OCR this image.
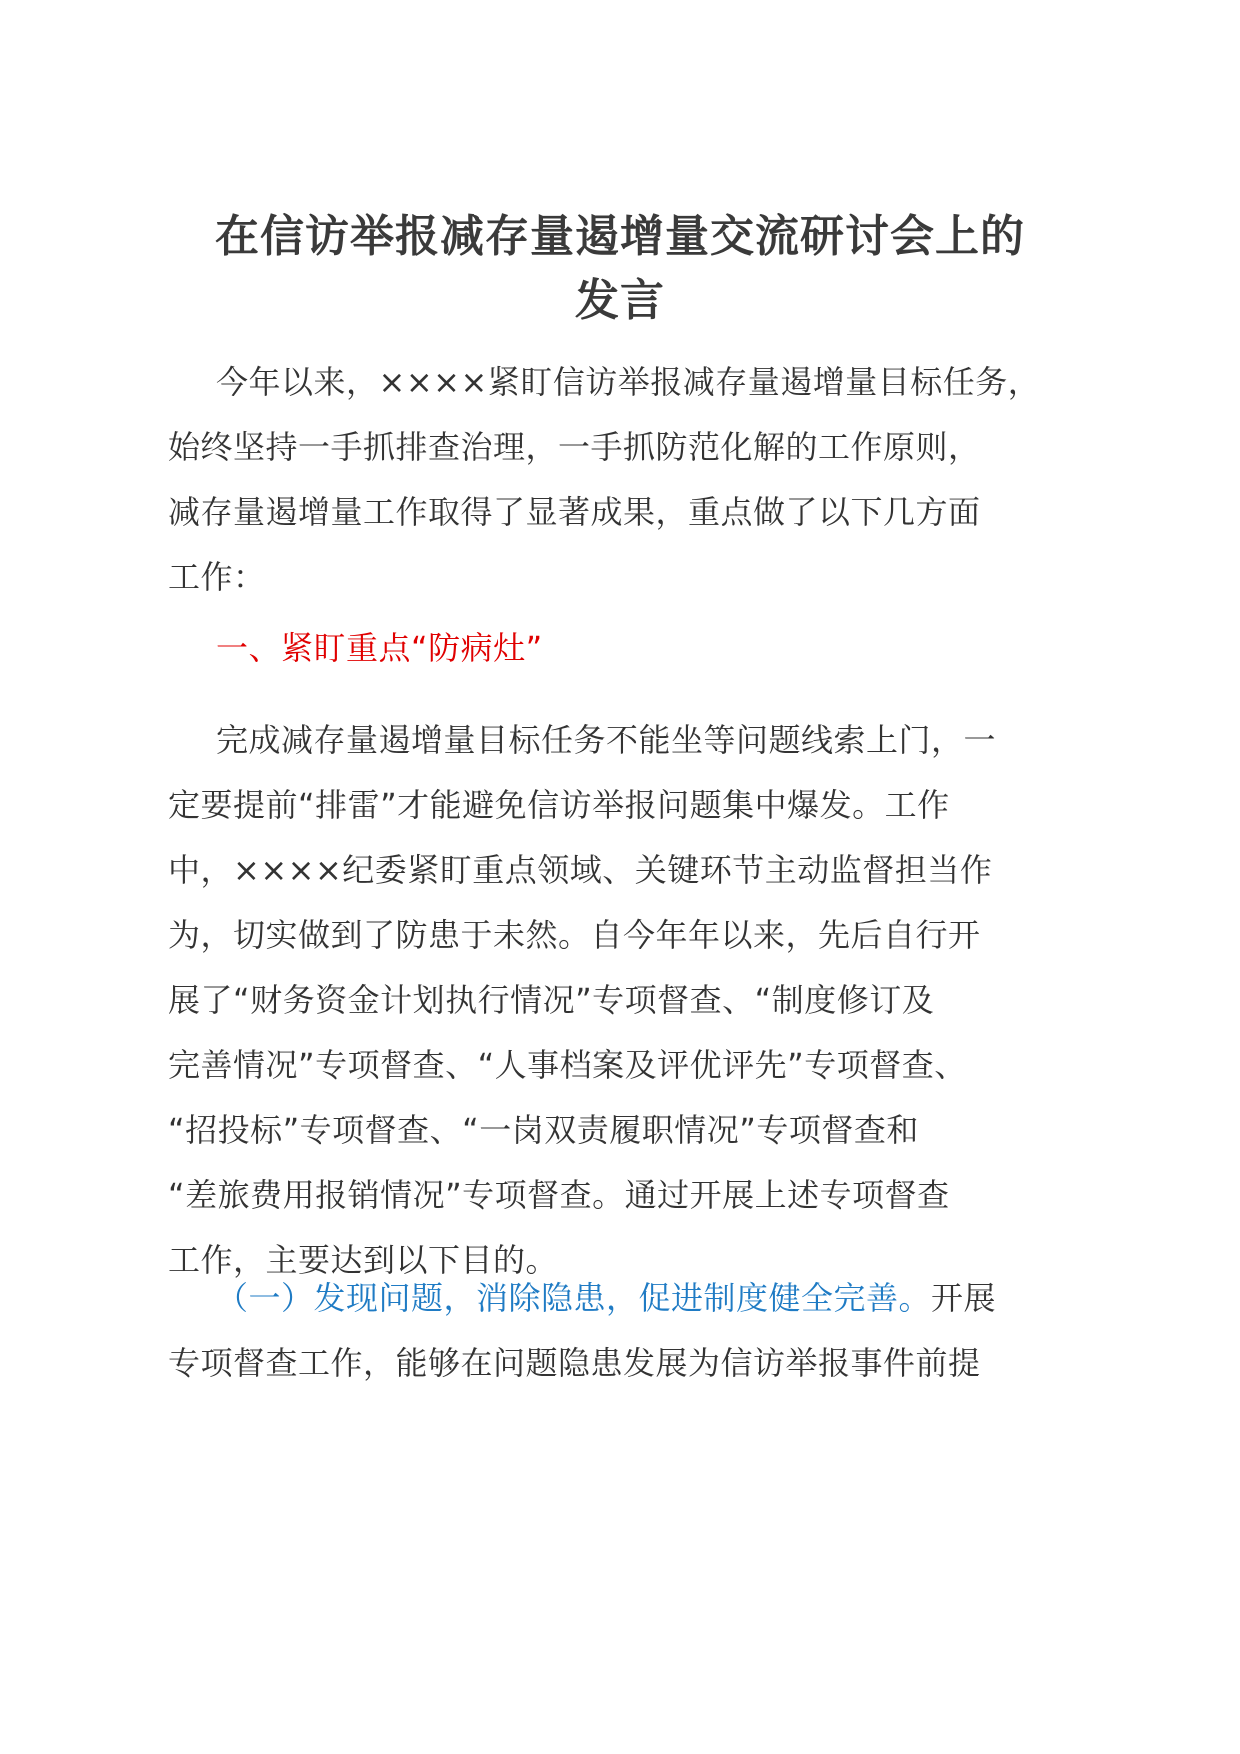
在信访举报减存量遏增量交流研讨会上的
发言
今年以来，××××紧盯信访举报减存量遏增量目标任务，
始终坚持一手抓排查治理，一手抓防范化解的工作原则，
减存量遏增量工作取得了显著成果，重点做了以下几方面
工作：
一、紧盯重点“防病灶”
完成减存量遏增量目标任务不能坐等问题线索上门，一
定要提前“排雷”才能避免信访举报问题集中爆发。工作
中，××××纪委紧盯重点领域、关键环节主动监督担当作
为，切实做到了防患于未然。自今年年以来，先后自行开
展了“财务资金计划执行情况”专项督查、“制度修订及
完善情况”专项督查、“人事档案及评优评先”专项督查、
“招投标”专项督查、“一岗双责履职情况”专项督查和
“差旅费用报销情况”专项督查。通过开展上述专项督查
工作，主要达到以下目的。
（一）发现问题，消除隐患，促进制度健全完善。开展
专项督查工作，能够在问题隐患发展为信访举报事件前提
